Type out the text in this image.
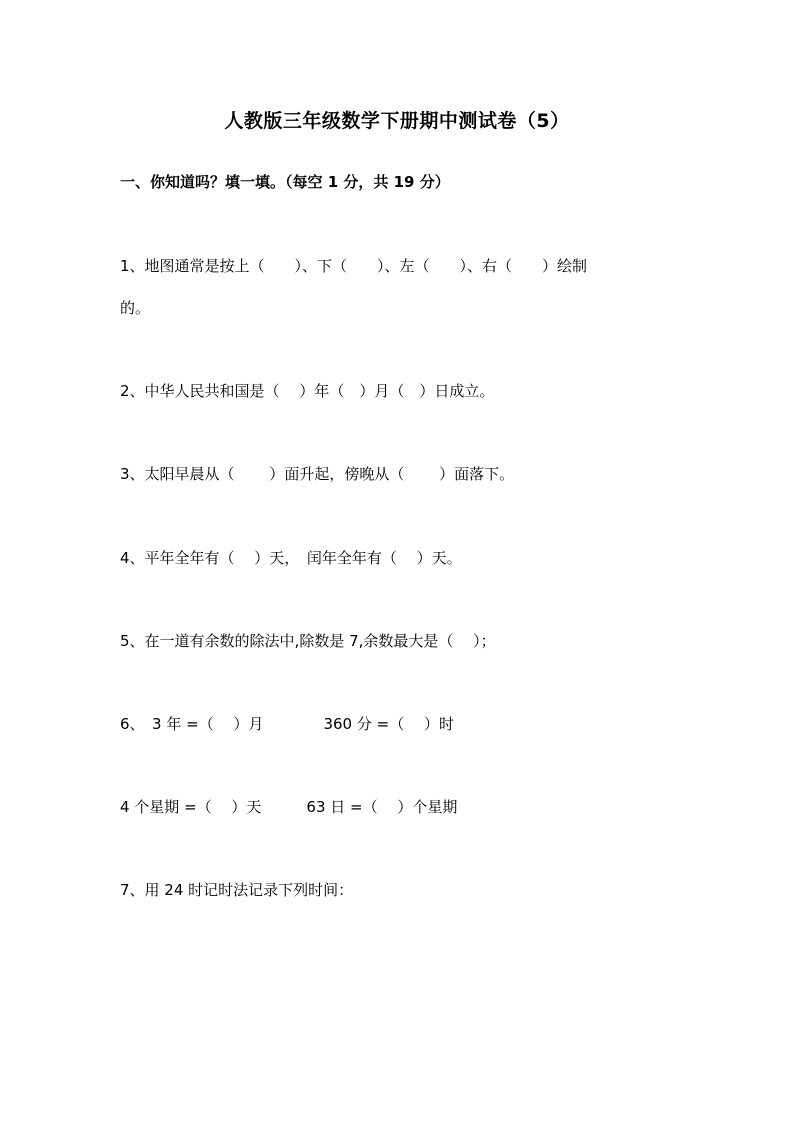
人教版三年级数学下册期中测试卷（5）
一、你知道吗？填一填。（每空 1 分，共 19 分）
1、地图通常是按上（　　）、下（　　）、左（　　）、右（　　）绘制
的。
2、中华人民共和国是（　 ）年（　）月（　）日成立。
3、太阳早晨从（　　 ）面升起，傍晚从（　　 ）面落下。
4、平年全年有（　 ）天，　闰年全年有（　 ）天。
5、在一道有余数的除法中,除数是 7,余数最大是（　 ）；
6、　3 年 =（　 ）月　　　　360 分 =（　 ）时
4 个星期 =（　 ）天　　　63 日 =（　 ）个星期
7、用 24 时记时法记录下列时间：
